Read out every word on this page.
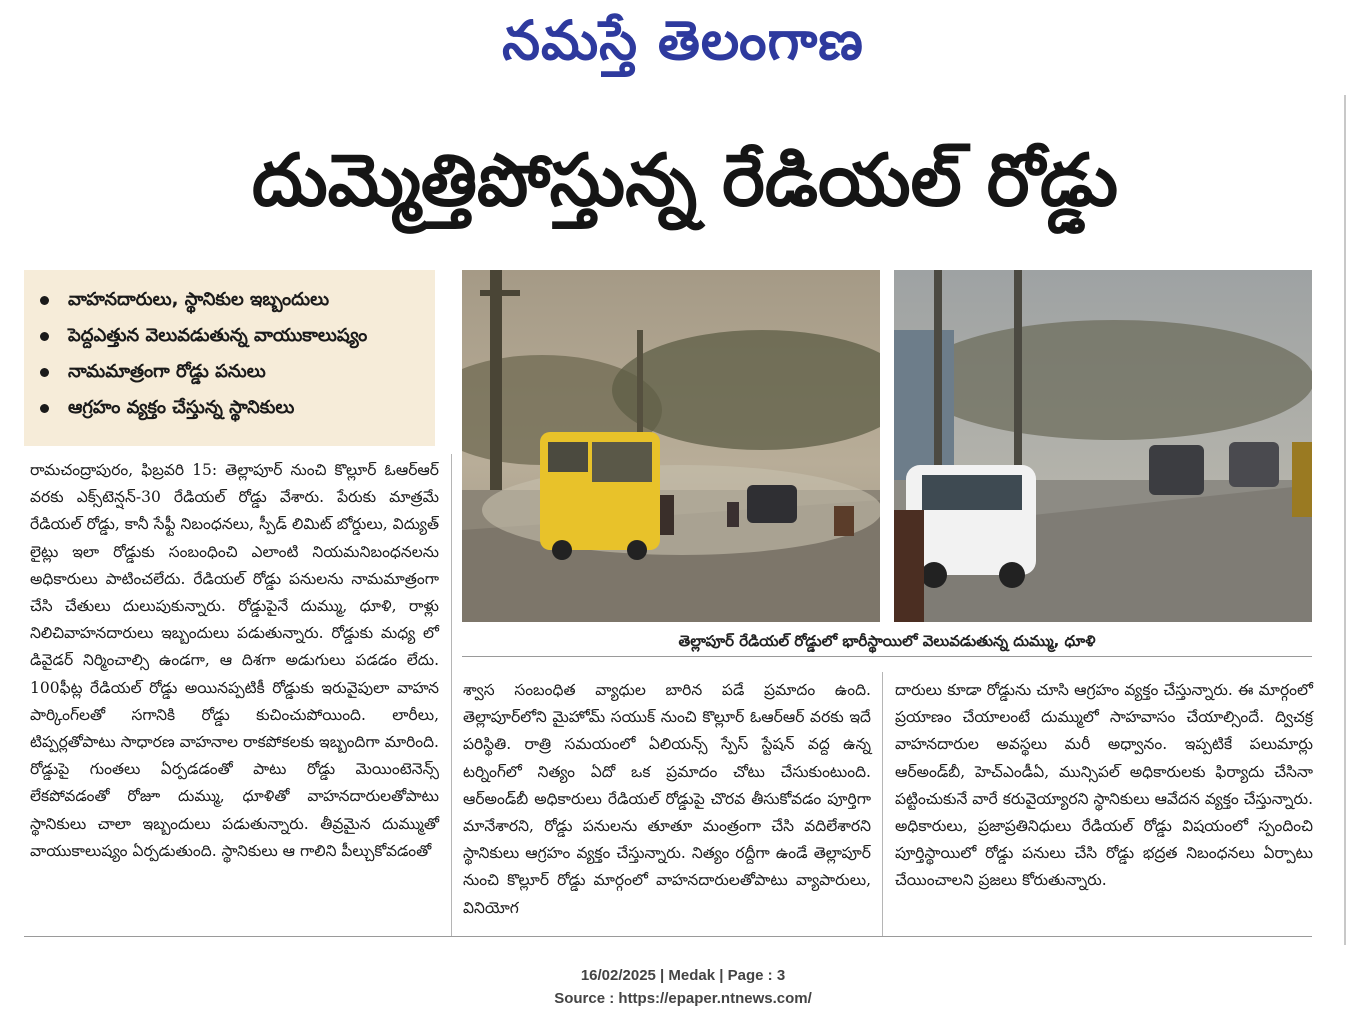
నమస్తే తెలంగాణ
దుమ్మెత్తిపోస్తున్న రేడియల్ రోడ్డు
వాహనదారులు, స్థానికుల ఇబ్బందులు
పెద్దఎత్తున వెలువడుతున్న వాయుకాలుష్యం
నామమాత్రంగా రోడ్డు పనులు
ఆగ్రహం వ్యక్తం చేస్తున్న స్థానికులు
తెల్లాపూర్ రేడియల్ రోడ్డులో భారీస్థాయిలో వెలువడుతున్న దుమ్ము, ధూళి

రామచంద్రాపురం, ఫిబ్రవరి 15: తెల్లాపూర్ నుంచి కొల్లూర్ ఓఆర్ఆర్ వరకు ఎక్స్‌టెన్షన్-30 రేడియల్ రోడ్డు వేశారు. పేరుకు మాత్రమే రేడియల్ రోడ్డు, కానీ సేఫ్టీ నిబంధనలు, స్పీడ్ లిమిట్ బోర్డులు, విద్యుత్ లైట్లు ఇలా రోడ్డుకు సంబంధించి ఎలాంటి నియమనిబంధనలను అధికారులు పాటించలేదు. రేడియల్ రోడ్డు పనులను నామమాత్రంగా చేసి చేతులు దులుపుకున్నారు. రోడ్డుపైనే దుమ్ము, ధూళి, రాళ్లు నిలిచివాహనదారులు ఇబ్బందులు పడుతున్నారు. రోడ్డుకు మధ్య లో డివైడర్ నిర్మించాల్సి ఉండగా, ఆ దిశగా అడుగులు పడడం లేదు. 100ఫీట్ల రేడియల్ రోడ్డు అయినప్పటికీ రోడ్డుకు ఇరువైపులా వాహన పార్కింగ్‌లతో సగానికి రోడ్డు కుచించుపోయింది. లారీలు, టిప్పర్లతోపాటు సాధారణ వాహనాల రాకపోకలకు ఇబ్బందిగా మారింది. రోడ్డుపై గుంతలు ఏర్పడడంతో పాటు రోడ్డు మెయింటెనెన్స్ లేకపోవడంతో రోజూ దుమ్ము, ధూళితో వాహనదారులతోపాటు స్థానికులు చాలా ఇబ్బందులు పడుతున్నారు. తీవ్రమైన దుమ్ముతో వాయుకాలుష్యం ఏర్పడుతుంది. స్థానికులు ఆ గాలిని పీల్చుకోవడంతో

శ్వాస సంబంధిత వ్యాధుల బారిన పడే ప్రమాదం ఉంది. తెల్లాపూర్‌లోని మైహోమ్ సయుక్ నుంచి కొల్లూర్ ఓఆర్ఆర్ వరకు ఇదే పరిస్థితి. రాత్రి సమయంలో ఏలియన్స్ స్పేస్ స్టేషన్ వద్ద ఉన్న టర్నింగ్‌లో నిత్యం ఏదో ఒక ప్రమాదం చోటు చేసుకుంటుంది. ఆర్అండ్‌బీ అధికారులు రేడియల్ రోడ్డుపై చొరవ తీసుకోవడం పూర్తిగా మానేశారని, రోడ్డు పనులను తూతూ మంత్రంగా చేసి వదిలేశారని స్థానికులు ఆగ్రహం వ్యక్తం చేస్తున్నారు. నిత్యం రద్దీగా ఉండే తెల్లాపూర్ నుంచి కొల్లూర్ రోడ్డు మార్గంలో వాహనదారులతోపాటు వ్యాపారులు, వినియోగ

దారులు కూడా రోడ్డును చూసి ఆగ్రహం వ్యక్తం చేస్తున్నారు. ఈ మార్గంలో ప్రయాణం చేయాలంటే దుమ్ములో సాహవాసం చేయాల్సిందే. ద్విచక్ర వాహనదారుల అవస్థలు మరీ అధ్వానం. ఇప్పటికే పలుమార్లు ఆర్అండ్‌బీ, హెచ్ఎండీఏ, మున్సిపల్ అధికారులకు ఫిర్యాదు చేసినా పట్టించుకునే వారే కరువైయ్యారని స్థానికులు ఆవేదన వ్యక్తం చేస్తున్నారు. అధికారులు, ప్రజాప్రతినిధులు రేడియల్ రోడ్డు విషయంలో స్పందించి పూర్తిస్థాయిలో రోడ్డు పనులు చేసి రోడ్డు భద్రత నిబంధనలు ఏర్పాటు చేయించాలని ప్రజలు కోరుతున్నారు.

16/02/2025 | Medak | Page : 3
Source : https://epaper.ntnews.com/
